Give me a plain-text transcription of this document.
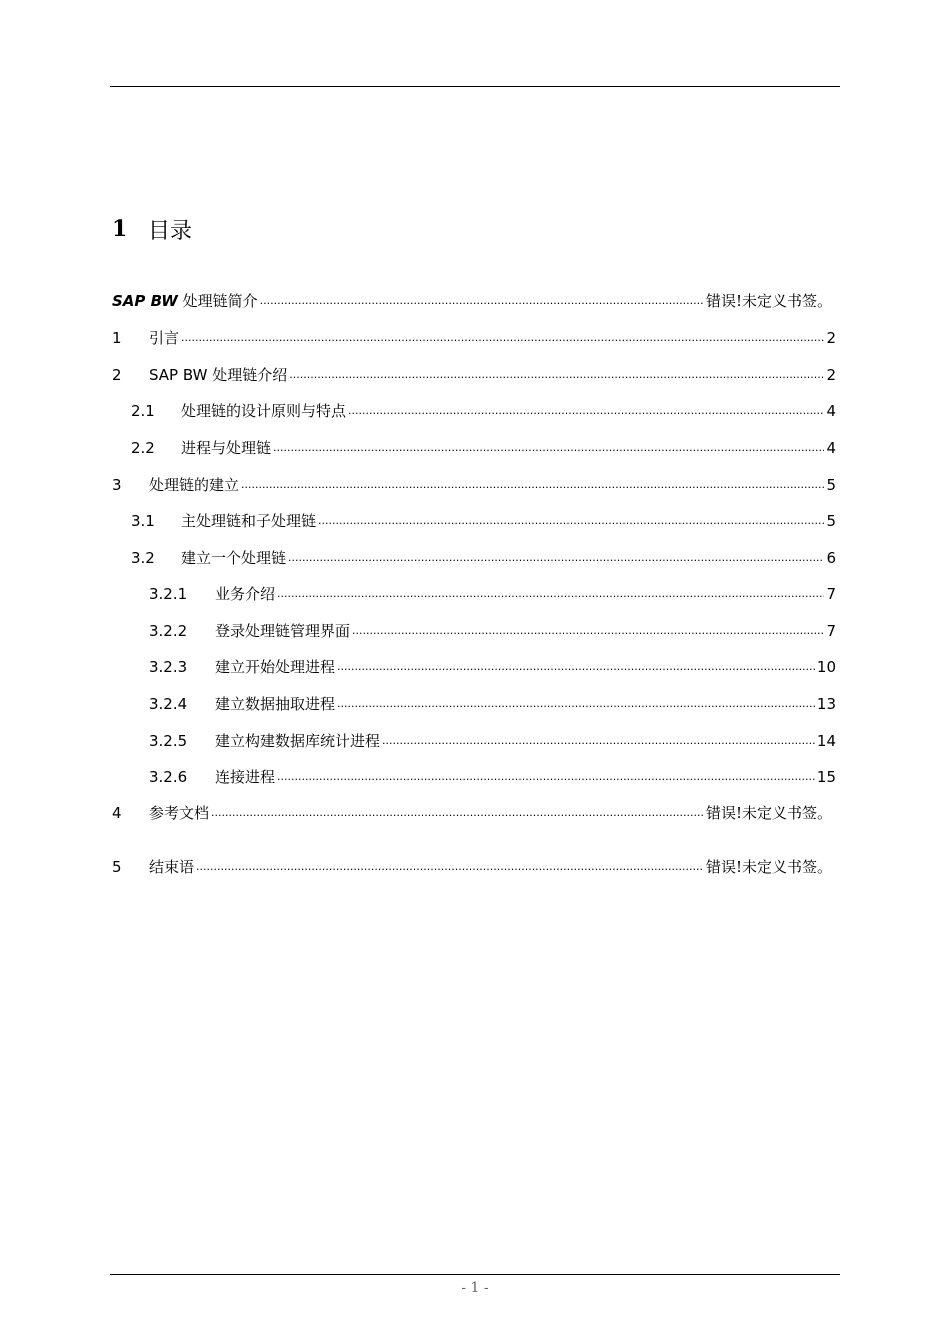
1 目录
SAP BW 处理链简介 .....	错误!未定义书签。
1	引言 .....	2
2	SAP BW 处理链介绍 .....	2
2.1	处理链的设计原则与特点 .....	4
2.2	进程与处理链 .....	4
3	处理链的建立 .....	5
3.1	主处理链和子处理链 .....	5
3.2	建立一个处理链 .....	6
3.2.1	业务介绍 .....	7
3.2.2	登录处理链管理界面 .....	7
3.2.3	建立开始处理进程 .....	10
3.2.4	建立数据抽取进程 .....	13
3.2.5	建立构建数据库统计进程 .....	14
3.2.6	连接进程 .....	15
4	参考文档 .....	错误!未定义书签。
5	结束语 .....	错误!未定义书签。
- 1 -
